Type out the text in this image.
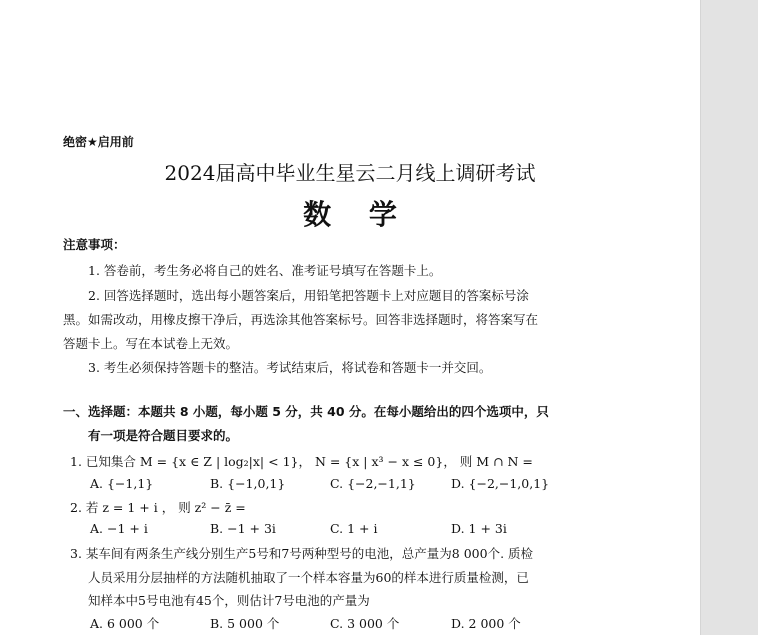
绝密★启用前
2024届高中毕业生星云二月线上调研考试
数 学
注意事项：
1. 答卷前，考生务必将自己的姓名、准考证号填写在答题卡上。
2. 回答选择题时，选出每小题答案后，用铅笔把答题卡上对应题目的答案标号涂
黑。如需改动，用橡皮擦干净后，再选涂其他答案标号。回答非选择题时，将答案写在
答题卡上。写在本试卷上无效。
3. 考生必须保持答题卡的整洁。考试结束后，将试卷和答题卡一并交回。
一、选择题：本题共 8 小题，每小题 5 分，共 40 分。在每小题给出的四个选项中，只
有一项是符合题目要求的。
1. 已知集合 M = {x ∈ Z | log₂|x| < 1}， N = {x | x³ − x ≤ 0}， 则 M ∩ N =
A. {−1,1}	B. {−1,0,1}	C. {−2,−1,1}	D. {−2,−1,0,1}
2. 若 z = 1 + i ， 则 z² − z̄ =
A. −1 + i	B. −1 + 3i	C. 1 + i	D. 1 + 3i
3. 某车间有两条生产线分别生产5号和7号两种型号的电池，总产量为8 000个. 质检
人员采用分层抽样的方法随机抽取了一个样本容量为60的样本进行质量检测，已
知样本中5号电池有45个，则估计7号电池的产量为
A. 6 000 个	B. 5 000 个	C. 3 000 个	D. 2 000 个
